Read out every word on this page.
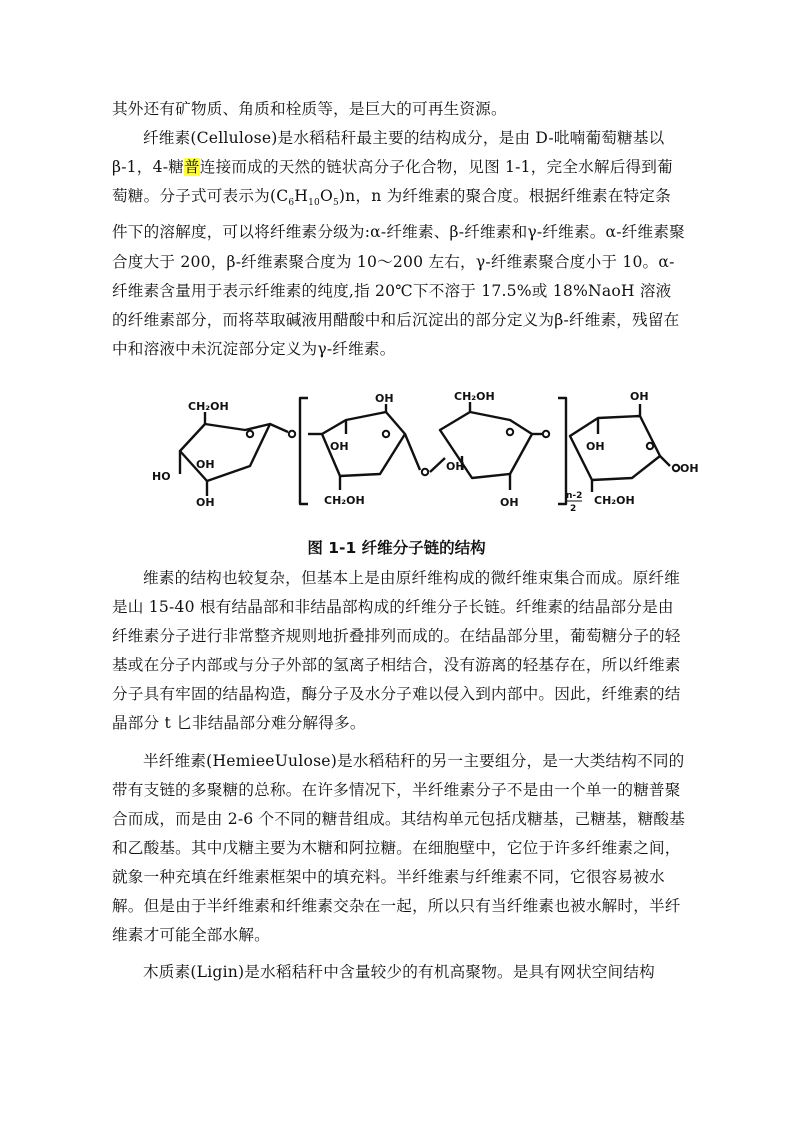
其外还有矿物质、角质和栓质等，是巨大的可再生资源。

纤维素(Cellulose)是水稻秸秆最主要的结构成分，是由 D-吡喃葡萄糖基以β-1，4-糖普连接而成的天然的链状高分子化合物，见图 1-1，完全水解后得到葡萄糖。分子式可表示为$(C_6H_{10}O_5)n$，n 为纤维素的聚合度。根据纤维素在特定条件下的溶解度，可以将纤维素分级为:α-纤维素、β-纤维素和γ-纤维素。α-纤维素聚合度大于 200，β-纤维素聚合度为 10～200 左右，γ-纤维素聚合度小于 10。α-纤维素含量用于表示纤维素的纯度,指 20℃下不溶于 17.5%或 18%NaoH 溶液的纤维素部分，而将萃取碱液用醋酸中和后沉淀出的部分定义为β-纤维素，残留在中和溶液中未沉淀部分定义为γ-纤维素。

CH₂OH
HO
OH
OH
OH
OH
CH₂OH
CH₂OH
OH
OH
OH
OH
CH₂OH
OH
n-2
2
图 1-1 纤维分子链的结构

维素的结构也较复杂，但基本上是由原纤维构成的微纤维束集合而成。原纤维是山 15-40 根有结晶部和非结晶部构成的纤维分子长链。纤维素的结晶部分是由纤维素分子进行非常整齐规则地折叠排列而成的。在结晶部分里，葡萄糖分子的轻基或在分子内部或与分子外部的氢离子相结合，没有游离的轻基存在，所以纤维素分子具有牢固的结晶构造，酶分子及水分子难以侵入到内部中。因此，纤维素的结晶部分 t 匕非结晶部分难分解得多。

半纤维素(HemieeUulose)是水稻秸秆的另一主要组分，是一大类结构不同的带有支链的多聚糖的总称。在许多情况下，半纤维素分子不是由一个单一的糖普聚合而成，而是由 2-6 个不同的糖昔组成。其结构单元包括戊糖基，己糖基，糖酸基和乙酸基。其中戊糖主要为木糖和阿拉糖。在细胞壁中，它位于许多纤维素之间，就象一种充填在纤维素框架中的填充料。半纤维素与纤维素不同，它很容易被水解。但是由于半纤维素和纤维素交杂在一起，所以只有当纤维素也被水解时，半纤维素才可能全部水解。

木质素(Ligin)是水稻秸秆中含量较少的有机高聚物。是具有网状空间结构
